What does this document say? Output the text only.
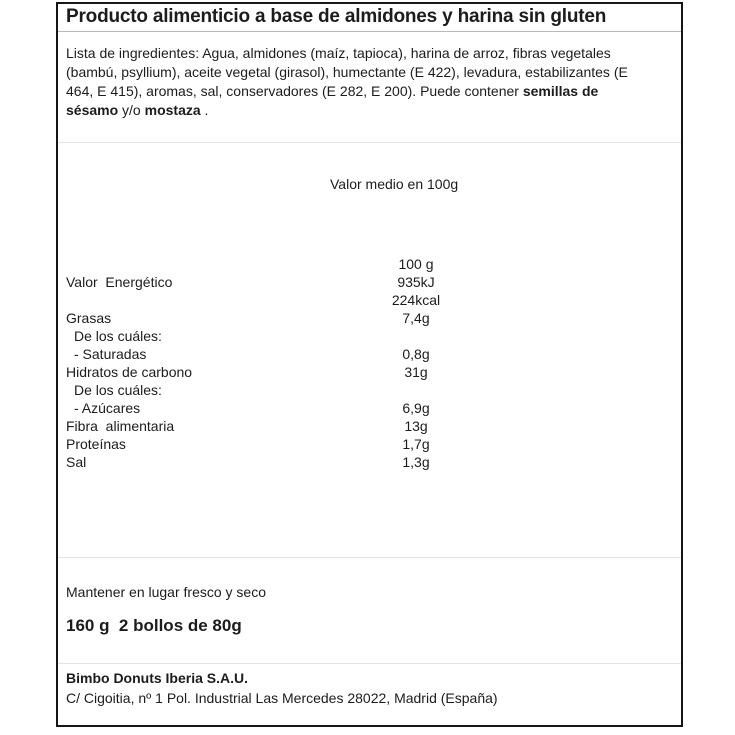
Producto alimenticio a base de almidones y harina sin gluten

Lista de ingredientes: Agua, almidones (maíz, tapioca), harina de arroz, fibras vegetales (bambú, psyllium), aceite vegetal (girasol), humectante (E 422), levadura, estabilizantes (E 464, E 415), aromas, sal, conservadores (E 282, E 200). Puede contener semillas de sésamo y/o mostaza .

Valor medio en 100g
100 g
Valor  Energético	935kJ
224kcal
Grasas	7,4g
De los cuáles:
- Saturadas	0,8g
Hidratos de carbono	31g
De los cuáles:
- Azúcares	6,9g
Fibra  alimentaria	13g
Proteínas	1,7g
Sal	1,3g
Mantener en lugar fresco y seco
160 g  2 bollos de 80g
Bimbo Donuts Iberia S.A.U.
C/ Cigoitia, nº 1 Pol. Industrial Las Mercedes 28022, Madrid (España)
